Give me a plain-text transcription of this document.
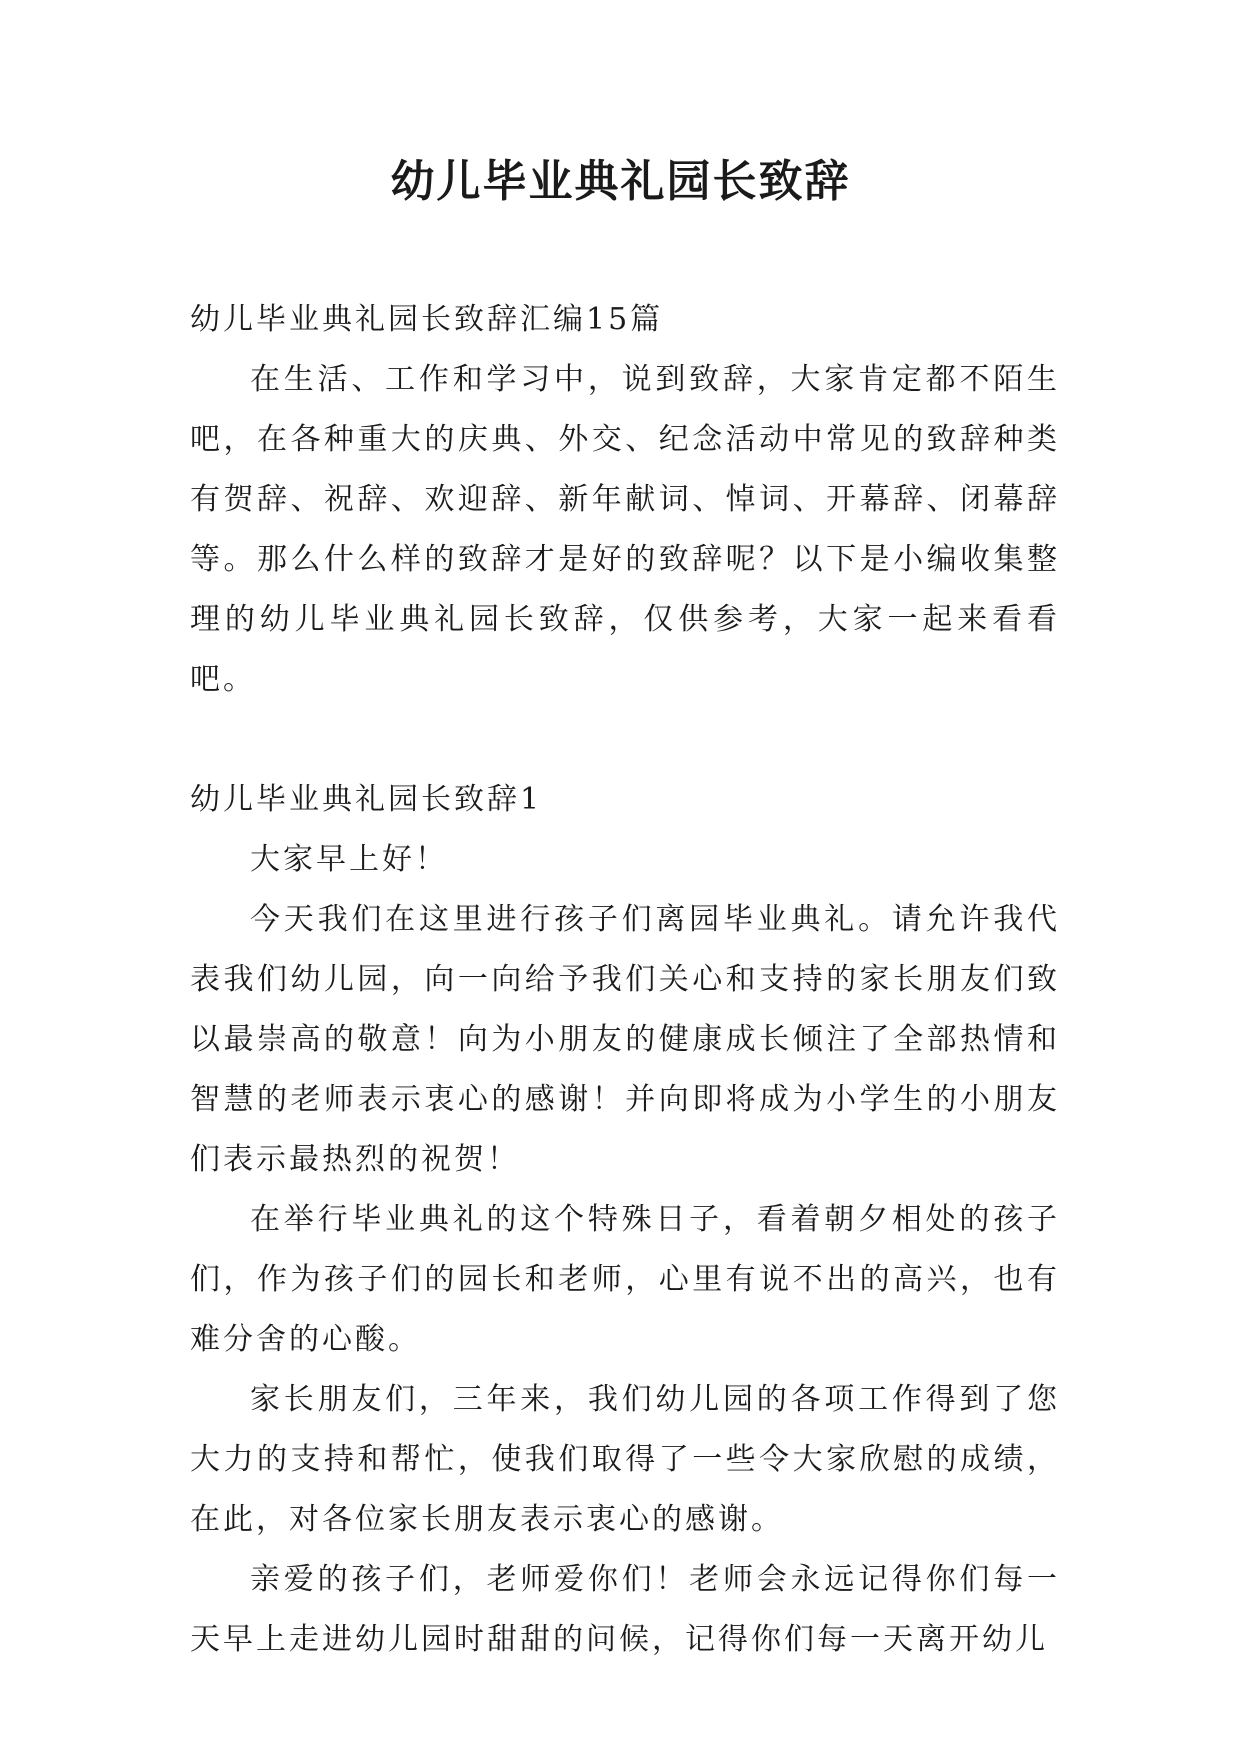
幼儿毕业典礼园长致辞

幼儿毕业典礼园长致辞汇编15篇

在生活、工作和学习中，说到致辞，大家肯定都不陌生吧，在各种重大的庆典、外交、纪念活动中常见的致辞种类有贺辞、祝辞、欢迎辞、新年献词、悼词、开幕辞、闭幕辞等。那么什么样的致辞才是好的致辞呢？以下是小编收集整理的幼儿毕业典礼园长致辞，仅供参考，大家一起来看看吧。

幼儿毕业典礼园长致辞1

大家早上好！

今天我们在这里进行孩子们离园毕业典礼。请允许我代表我们幼儿园，向一向给予我们关心和支持的家长朋友们致以最崇高的敬意！向为小朋友的健康成长倾注了全部热情和智慧的老师表示衷心的感谢！并向即将成为小学生的小朋友们表示最热烈的祝贺！

在举行毕业典礼的这个特殊日子，看着朝夕相处的孩子们，作为孩子们的园长和老师，心里有说不出的高兴，也有难分舍的心酸。

家长朋友们，三年来，我们幼儿园的各项工作得到了您大力的支持和帮忙，使我们取得了一些令大家欣慰的成绩，在此，对各位家长朋友表示衷心的感谢。

亲爱的孩子们，老师爱你们！老师会永远记得你们每一天早上走进幼儿园时甜甜的问候，记得你们每一天离开幼儿
